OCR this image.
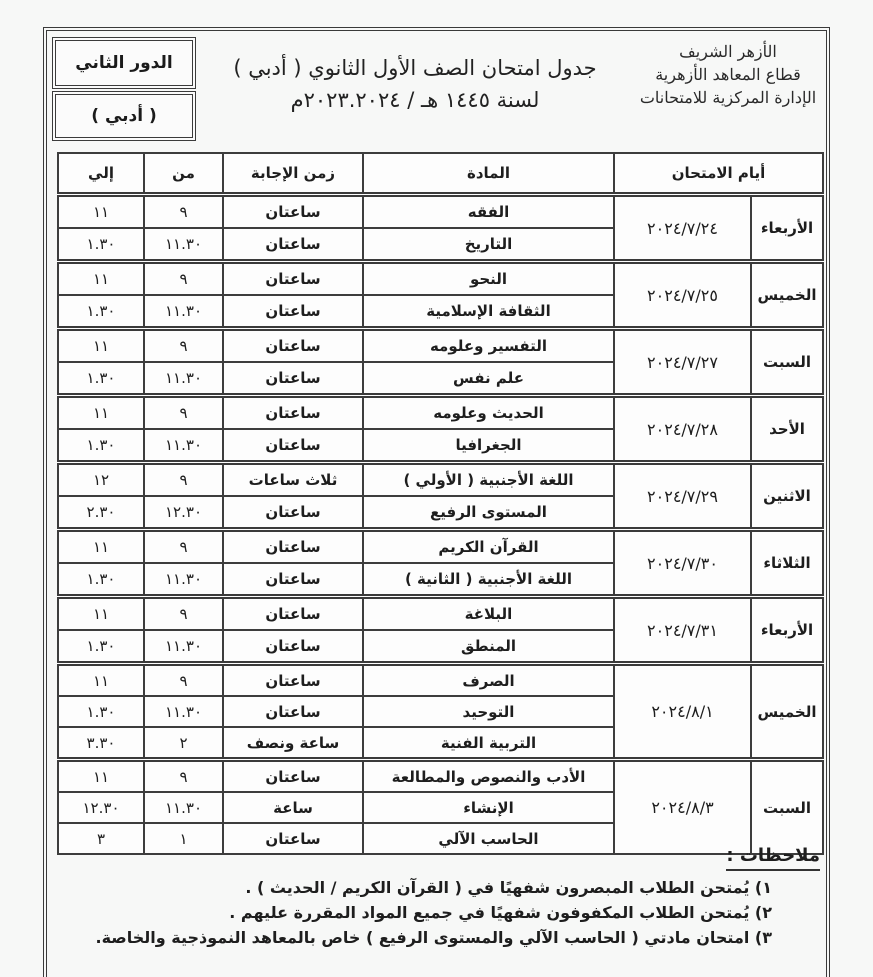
الدور الثاني
( أدبي )
جدول امتحان الصف الأول الثانوي ( أدبي )
لسنة ١٤٤٥ هـ / ٢٠٢٣.٢٠٢٤م
الأزهر الشريف
قطاع المعاهد الأزهرية
الإدارة المركزية للامتحانات
أيام الامتحان		المادة	زمن الإجابة	من	إلي
الأربعاء	٢٠٢٤/٧/٢٤	الفقه	ساعتان	٩	١١
		التاريخ	ساعتان	١١.٣٠	١.٣٠
الخميس	٢٠٢٤/٧/٢٥	النحو	ساعتان	٩	١١
		الثقافة الإسلامية	ساعتان	١١.٣٠	١.٣٠
السبت	٢٠٢٤/٧/٢٧	التفسير وعلومه	ساعتان	٩	١١
		علم نفس	ساعتان	١١.٣٠	١.٣٠
الأحد	٢٠٢٤/٧/٢٨	الحديث وعلومه	ساعتان	٩	١١
		الجغرافيا	ساعتان	١١.٣٠	١.٣٠
الاثنين	٢٠٢٤/٧/٢٩	اللغة الأجنبية ( الأولي )	ثلاث ساعات	٩	١٢
		المستوى الرفيع	ساعتان	١٢.٣٠	٢.٣٠
الثلاثاء	٢٠٢٤/٧/٣٠	القرآن الكريم	ساعتان	٩	١١
		اللغة الأجنبية ( الثانية )	ساعتان	١١.٣٠	١.٣٠
الأربعاء	٢٠٢٤/٧/٣١	البلاغة	ساعتان	٩	١١
		المنطق	ساعتان	١١.٣٠	١.٣٠
الخميس	٢٠٢٤/٨/١	الصرف	ساعتان	٩	١١
		التوحيد	ساعتان	١١.٣٠	١.٣٠
		التربية الفنية	ساعة ونصف	٢	٣.٣٠
السبت	٢٠٢٤/٨/٣	الأدب والنصوص والمطالعة	ساعتان	٩	١١
		الإنشاء	ساعة	١١.٣٠	١٢.٣٠
		الحاسب الآلي	ساعتان	١	٣
ملاحظات :
١) يُمتحن الطلاب المبصرون شفهيًا في ( القرآن الكريم / الحديث ) .
٢) يُمتحن الطلاب المكفوفون شفهيًا في جميع المواد المقررة عليهم .
٣) امتحان مادتي ( الحاسب الآلي والمستوى الرفيع ) خاص بالمعاهد النموذجية والخاصة.
